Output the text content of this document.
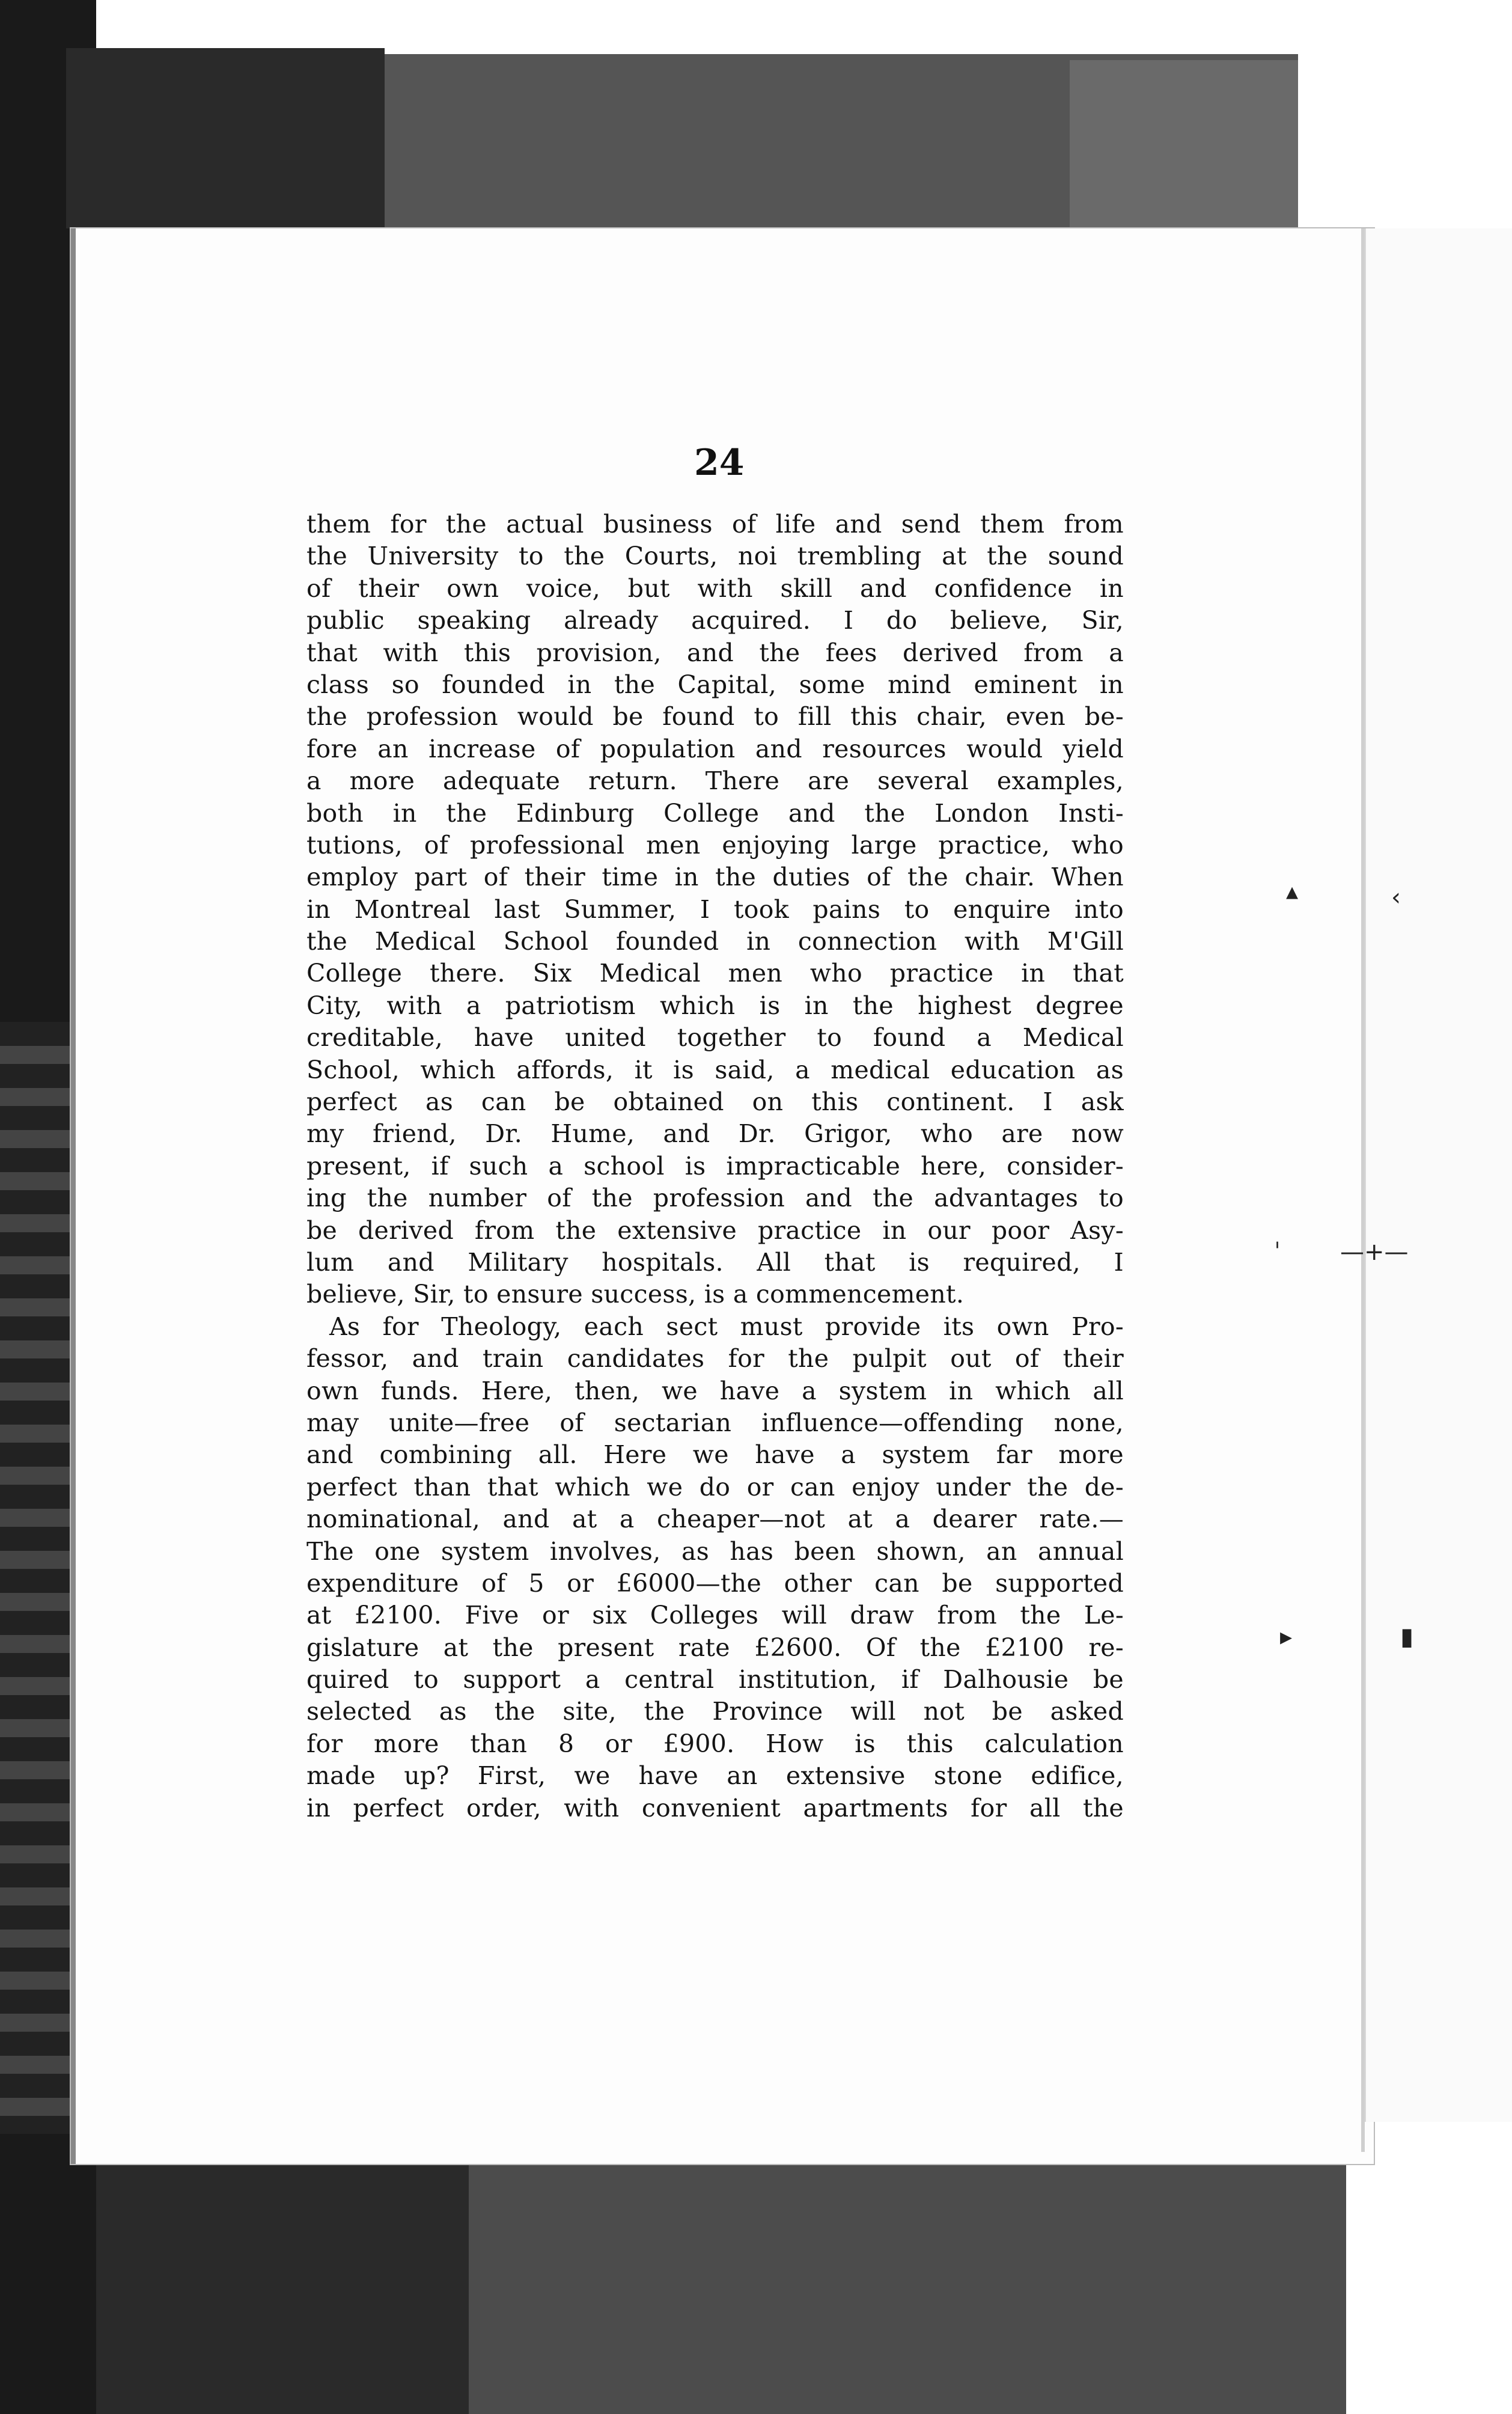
▴	‹
ˈ —+—
▸	▮
24
them for the actual business of life and send them from
the University to the Courts, noi trembling at the sound
of their own voice, but with skill and confidence in
public speaking already acquired. I do believe, Sir,
that with this provision, and the fees derived from a
class so founded in the Capital, some mind eminent in
the profession would be found to fill this chair, even be-
fore an increase of population and resources would yield
a more adequate return. There are several examples,
both in the Edinburg College and the London Insti-
tutions, of professional men enjoying large practice, who
employ part of their time in the duties of the chair. When
in Montreal last Summer, I took pains to enquire into
the Medical School founded in connection with M'Gill
College there. Six Medical men who practice in that
City, with a patriotism which is in the highest degree
creditable, have united together to found a Medical
School, which affords, it is said, a medical education as
perfect as can be obtained on this continent. I ask
my friend, Dr. Hume, and Dr. Grigor, who are now
present, if such a school is impracticable here, consider-
ing the number of the profession and the advantages to
be derived from the extensive practice in our poor Asy-
lum and Military hospitals. All that is required, I
believe, Sir, to ensure success, is a commencement.
As for Theology, each sect must provide its own Pro-
fessor, and train candidates for the pulpit out of their
own funds. Here, then, we have a system in which all
may unite—free of sectarian influence—offending none,
and combining all. Here we have a system far more
perfect than that which we do or can enjoy under the de-
nominational, and at a cheaper—not at a dearer rate.—
The one system involves, as has been shown, an annual
expenditure of 5 or £6000—the other can be supported
at £2100. Five or six Colleges will draw from the Le-
gislature at the present rate £2600. Of the £2100 re-
quired to support a central institution, if Dalhousie be
selected as the site, the Province will not be asked
for more than 8 or £900. How is this calculation
made up? First, we have an extensive stone edifice,
in perfect order, with convenient apartments for all the
